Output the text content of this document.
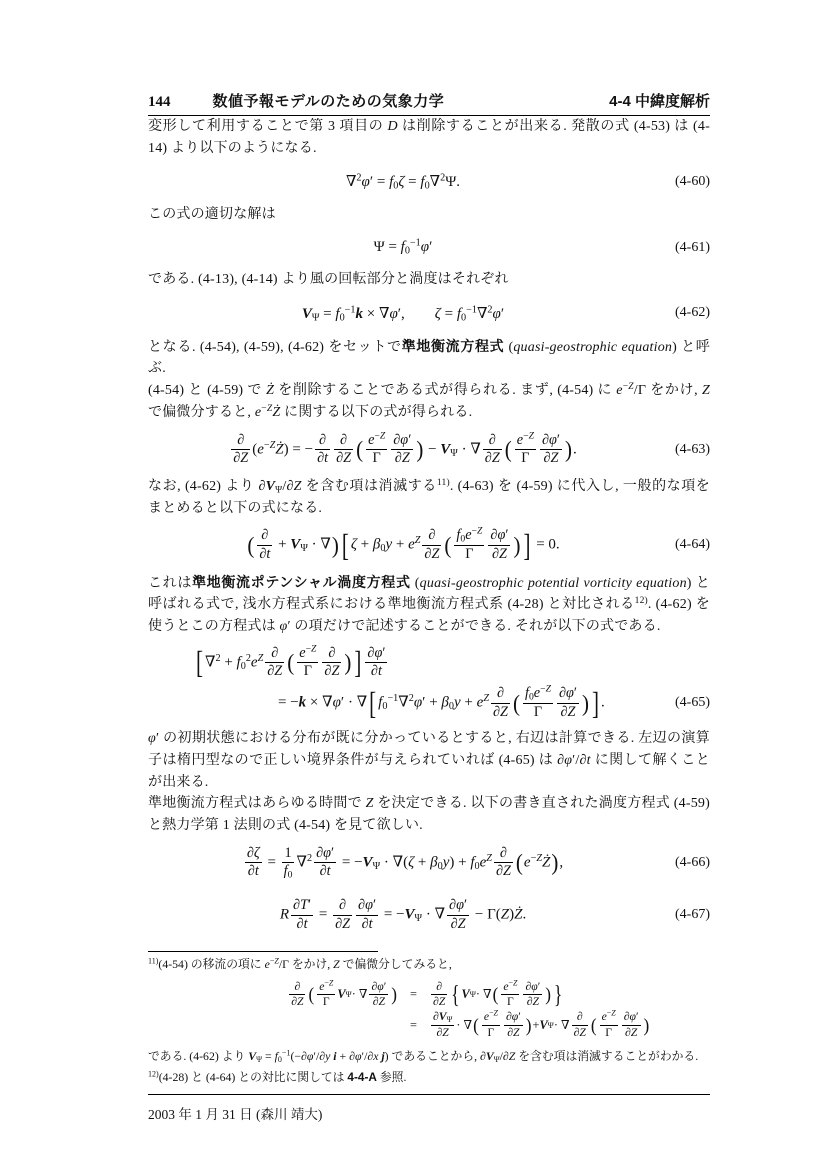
144	数値予報モデルのための気象力学	4-4 中緯度解析

変形して利用することで第 3 項目の D は削除することが出来る. 発散の式 (4-53) は (4-14) より以下のようになる.

$\nabla^2\varphi' = f_0\zeta = f_0\nabla^2\Psi$.	(4-60)

この式の適切な解は

$\Psi = f_0^{-1}\varphi'$	(4-61)

である. (4-13), (4-14) より風の回転部分と渦度はそれぞれ

$V_\Psi = f_0^{-1}k \times \nabla\varphi'$,  $\zeta = f_0^{-1}\nabla^2\varphi'$	(4-62)

となる. (4-54), (4-59), (4-62) をセットで準地衡流方程式 (quasi-geostrophic equation) と呼ぶ.

(4-54) と (4-59) で Ż を削除することである式が得られる. まず, (4-54) に $e^{-Z}/\Gamma$ をかけ, Z で偏微分すると, $e^{-Z}Ż$ に関する以下の式が得られる.

∂
∂Z
$(e^{-Z}Ż)$ = −
∂
∂t
∂
∂Z ( $\frac{e^{-Z}}{\Gamma} \frac{\partial\varphi'}{\partial Z}$ ) − $V_\Psi$ · ∇
∂
∂Z ( $\frac{e^{-Z}}{\Gamma} \frac{\partial\varphi'}{\partial Z}$ ).	(4-63)

なお, (4-62) より $\partial V_\Psi/\partial Z$ を含む項は消滅する$^{11)}$. (4-63) を (4-59) に代入し, 一般的な項をまとめると以下の式になる.

( ∂
∂t
+ $V_\Psi$ · ∇) [ $\zeta + \beta_0y + e^Z$ ∂
∂Z ( $\frac{f_0e^{-Z}}{\Gamma} \frac{\partial\varphi'}{\partial Z}$ ) ] = 0.	(4-64)

これは準地衡流ポテンシャル渦度方程式 (quasi-geostrophic potential vorticity equation) と呼ばれる式で, 浅水方程式系における準地衡流方程式系 (4-28) と対比される$^{12)}$. (4-62) を使うとこの方程式は φ′ の項だけで記述することができる. それが以下の式である.

[ $\nabla^2 + f_0^2e^Z$ ∂
∂Z ( $\frac{e^{-Z}}{\Gamma}$ ∂
∂Z ) ] $\frac{\partial\varphi'}{\partial t}$
= −k × ∇φ′ · ∇[ $f_0^{-1}\nabla^2\varphi' + \beta_0y + e^Z$ ∂
∂Z ( $\frac{f_0e^{-Z}}{\Gamma} \frac{\partial\varphi'}{\partial Z}$ ) ] .	(4-65)

φ′ の初期状態における分布が既に分かっているとすると, 右辺は計算できる. 左辺の演算子は楕円型なので正しい境界条件が与えられていれば (4-65) は ∂φ′/∂t に関して解くことが出来る.

準地衡流方程式はあらゆる時間で Z を決定できる. 以下の書き直された渦度方程式 (4-59) と熱力学第 1 法則の式 (4-54) を見て欲しい.

$\frac{\partial\zeta}{\partial t} = \frac{1}{f_0} \nabla^2 \frac{\partial\varphi'}{\partial t} = -V_\Psi \cdot \nabla(\zeta + \beta_0y) + f_0e^Z$ ∂
∂Z $(e^{-Z}Ż)$,	(4-66)
R $\frac{\partial T'}{\partial t}$ =
∂
$\partial Z \frac{\partial\varphi'}{\partial t} = -V_\Psi$ · ∇ $\frac{\partial\varphi'}{\partial Z}$ − Γ(Z)Ż.	(4-67)

$^{11)}$(4-54) の移流の項に $e^{-Z}/\Gamma$ をかけ, Z で偏微分してみると,

∂
∂Z ( $e^{-Z}$
Γ
V Ψ · ∇
∂φ′
∂Z )	=
∂
∂Z { V Ψ · ∇ ( $e^{-Z}$
Γ
∂φ′
∂Z ) }
=
$\partial V_\Psi$
∂Z
· ∇ ( $e^{-Z}$
Γ
∂φ′
∂Z ) + V Ψ · ∇
∂
∂Z ( $e^{-Z}$
Γ
∂φ′
∂Z )

である. (4-62) より $V_\Psi = f_0^{-1}(-\partial\varphi'/\partial y$ i + ∂φ′/∂x j) であることから, $\partial V_\Psi/\partial Z$ を含む項は消滅することがわかる.

$^{12)}$(4-28) と (4-64) との対比に関しては 4-4-A 参照.

2003 年 1 月 31 日 (森川 靖大)
